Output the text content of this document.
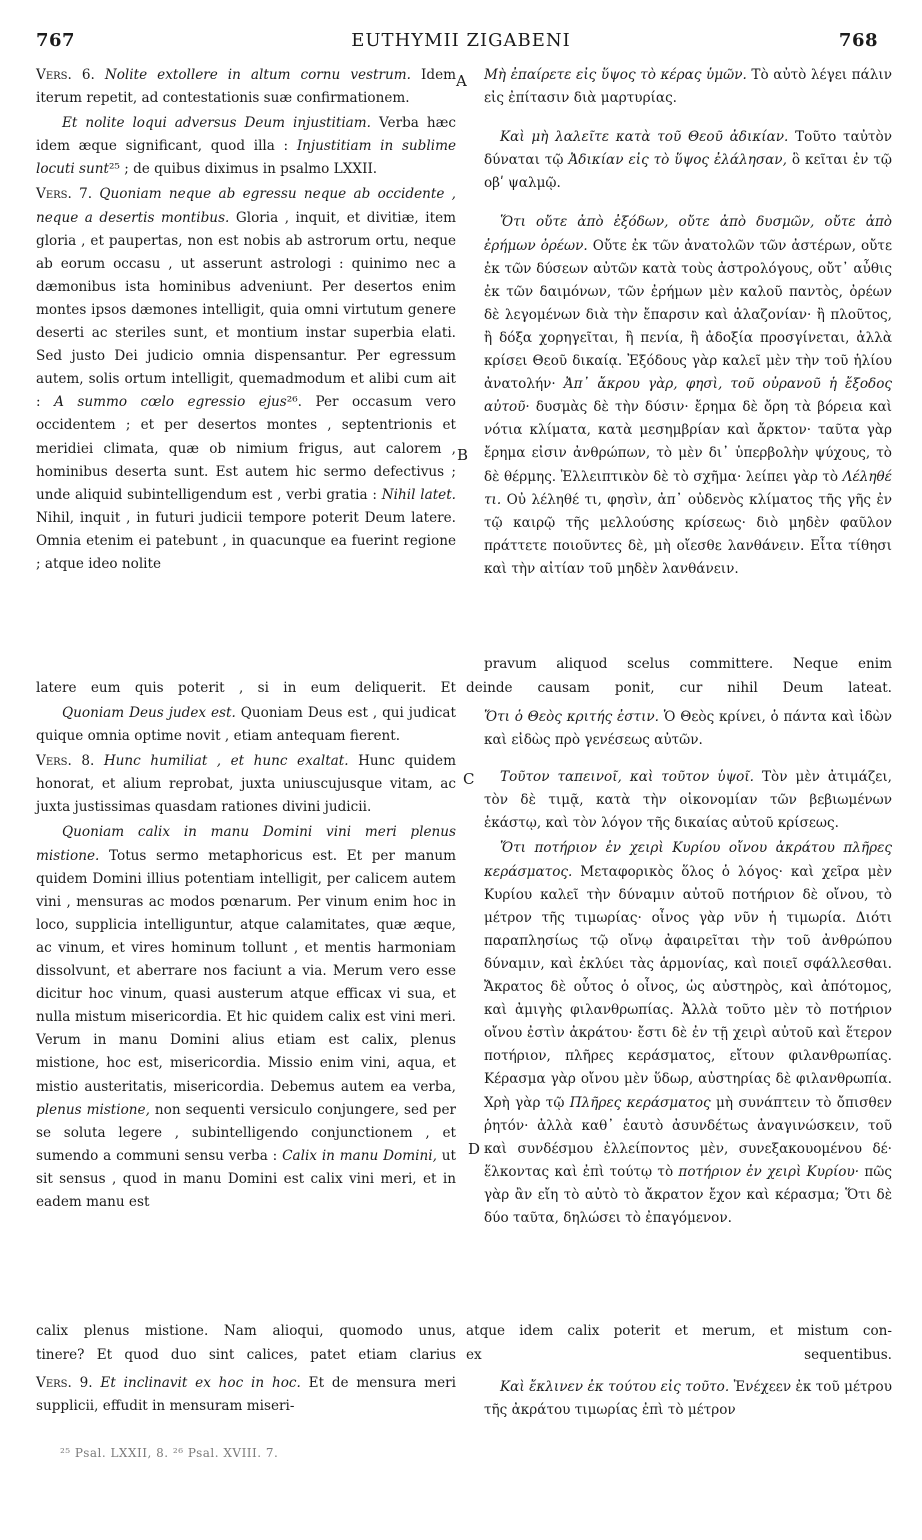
767	EUTHYMII ZIGABENI	768
A
B
C
D

Vers. 6. Nolite extollere in altum cornu vestrum. Idem iterum repetit, ad contestationis suæ confirmationem.

Et nolite loqui adversus Deum injustitiam. Verba hæc idem æque significant, quod illa : Injustitiam in sublime locuti sunt²⁵ ; de quibus diximus in psalmo LXXII.

Vers. 7. Quoniam neque ab egressu neque ab occidente , neque a desertis montibus. Gloria , inquit, et divitiæ, item gloria , et paupertas, non est nobis ab astrorum ortu, neque ab eorum occasu , ut asserunt astrologi : quinimo nec a dæmonibus ista hominibus adveniunt. Per desertos enim montes ipsos dæmones intelligit, quia omni virtutum genere deserti ac steriles sunt, et montium instar superbia elati. Sed justo Dei judicio omnia dispensantur. Per egressum autem, solis ortum intelligit, quemadmodum et alibi cum ait : A summo cœlo egressio ejus²⁶. Per occasum vero occidentem ; et per desertos montes , septentrionis et meridiei climata, quæ ob nimium frigus, aut calorem , hominibus deserta sunt. Est autem hic sermo defectivus ; unde aliquid subintelligendum est , verbi gratia : Nihil latet. Nihil, inquit , in futuri judicii tempore poterit Deum latere. Omnia etenim ei patebunt , in quacunque ea fuerint regione ; atque ideo nolite

Μὴ ἐπαίρετε εἰς ὕψος τὸ κέρας ὑμῶν. Τὸ αὐτὸ λέγει πάλιν εἰς ἐπίτασιν διὰ μαρτυρίας.

Καὶ μὴ λαλεῖτε κατὰ τοῦ Θεοῦ ἀδικίαν. Τοῦτο ταὐτὸν δύναται τῷ Ἀδικίαν εἰς τὸ ὕψος ἐλάλησαν, ὃ κεῖται ἐν τῷ οβʹ ψαλμῷ.

Ὅτι οὔτε ἀπὸ ἐξόδων, οὔτε ἀπὸ δυσμῶν, οὔτε ἀπὸ ἐρήμων ὀρέων. Οὔτε ἐκ τῶν ἀνατολῶν τῶν ἀστέρων, οὔτε ἐκ τῶν δύσεων αὐτῶν κατὰ τοὺς ἀστρολόγους, οὔτ᾽ αὖθις ἐκ τῶν δαιμόνων, τῶν ἐρήμων μὲν καλοῦ παντὸς, ὀρέων δὲ λεγομένων διὰ τὴν ἔπαρσιν καὶ ἀλαζονίαν· ἢ πλοῦτος, ἢ δόξα χορηγεῖται, ἢ πενία, ἢ ἀδοξία προσγίνεται, ἀλλὰ κρίσει Θεοῦ δικαίᾳ. Ἐξόδους γὰρ καλεῖ μὲν τὴν τοῦ ἡλίου ἀνατολήν· Ἀπ᾽ ἄκρου γὰρ, φησὶ, τοῦ οὐρανοῦ ἡ ἔξοδος αὐτοῦ· δυσμὰς δὲ τὴν δύσιν· ἔρημα δὲ ὄρη τὰ βόρεια καὶ νότια κλίματα, κατὰ μεσημβρίαν καὶ ἄρκτον· ταῦτα γὰρ ἔρημα εἰσιν ἀνθρώπων, τὸ μὲν δι᾽ ὑπερβολὴν ψύχους, τὸ δὲ θέρμης. Ἐλλειπτικὸν δὲ τὸ σχῆμα· λείπει γὰρ τὸ Λέληθέ τι. Οὐ λέληθέ τι, φησὶν, ἀπ᾽ οὐδενὸς κλίματος τῆς γῆς ἐν τῷ καιρῷ τῆς μελλούσης κρίσεως· διὸ μηδὲν φαῦλον πράττετε ποιοῦντες δὲ, μὴ οἴεσθε λανθάνειν. Εἶτα τίθησι καὶ τὴν αἰτίαν τοῦ μηδὲν λανθάνειν.

pravum aliquod scelus committere. Neque enim
latere eum quis poterit , si in eum deliquerit. Et deinde causam ponit, cur nihil Deum lateat.

Quoniam Deus judex est. Quoniam Deus est , qui judicat quique omnia optime novit , etiam antequam fierent.

Vers. 8. Hunc humiliat , et hunc exaltat. Hunc quidem honorat, et alium reprobat, juxta uniuscujusque vitam, ac juxta justissimas quasdam rationes divini judicii.

Quoniam calix in manu Domini vini meri plenus mistione. Totus sermo metaphoricus est. Et per manum quidem Domini illius potentiam intelligit, per calicem autem vini , mensuras ac modos pœnarum. Per vinum enim hoc in loco, supplicia intelliguntur, atque calamitates, quæ æque, ac vinum, et vires hominum tollunt , et mentis harmoniam dissolvunt, et aberrare nos faciunt a via. Merum vero esse dicitur hoc vinum, quasi austerum atque efficax vi sua, et nulla mistum misericordia. Et hic quidem calix est vini meri. Verum in manu Domini alius etiam est calix, plenus mistione, hoc est, misericordia. Missio enim vini, aqua, et mistio austeritatis, misericordia. Debemus autem ea verba, plenus mistione, non sequenti versiculo conjungere, sed per se soluta legere , subintelligendo conjunctionem , et sumendo a communi sensu verba : Calix in manu Domini, ut sit sensus , quod in manu Domini est calix vini meri, et in eadem manu est

Ὅτι ὁ Θεὸς κριτής ἐστιν. Ὁ Θεὸς κρίνει, ὁ πάντα καὶ ἰδὼν καὶ εἰδὼς πρὸ γενέσεως αὐτῶν.

Τοῦτον ταπεινοῖ, καὶ τοῦτον ὑψοῖ. Τὸν μὲν ἀτιμάζει, τὸν δὲ τιμᾷ, κατὰ τὴν οἰκονομίαν τῶν βεβιωμένων ἑκάστῳ, καὶ τὸν λόγον τῆς δικαίας αὐτοῦ κρίσεως.

Ὅτι ποτήριον ἐν χειρὶ Κυρίου οἴνου ἀκράτου πλῆρες κεράσματος. Μεταφορικὸς ὅλος ὁ λόγος· καὶ χεῖρα μὲν Κυρίου καλεῖ τὴν δύναμιν αὐτοῦ ποτήριον δὲ οἴνου, τὸ μέτρον τῆς τιμωρίας· οἶνος γὰρ νῦν ἡ τιμωρία. Διότι παραπλησίως τῷ οἴνῳ ἀφαιρεῖται τὴν τοῦ ἀνθρώπου δύναμιν, καὶ ἐκλύει τὰς ἁρμονίας, καὶ ποιεῖ σφάλλεσθαι. Ἄκρατος δὲ οὗτος ὁ οἶνος, ὡς αὐστηρὸς, καὶ ἀπότομος, καὶ ἀμιγὴς φιλανθρωπίας. Ἀλλὰ τοῦτο μὲν τὸ ποτήριον οἴνου ἐστὶν ἀκράτου· ἔστι δὲ ἐν τῇ χειρὶ αὐτοῦ καὶ ἕτερον ποτήριον, πλῆρες κεράσματος, εἴτουν φιλανθρωπίας. Κέρασμα γὰρ οἴνου μὲν ὕδωρ, αὐστηρίας δὲ φιλανθρωπία. Χρὴ γὰρ τῷ Πλῆρες κεράσματος μὴ συνάπτειν τὸ ὄπισθεν ῥητόν· ἀλλὰ καθ᾽ ἑαυτὸ ἀσυνδέτως ἀναγινώσκειν, τοῦ καὶ συνδέσμου ἐλλείποντος μὲν, συνεξακουομένου δέ· ἕλκοντας καὶ ἐπὶ τούτῳ τὸ ποτήριον ἐν χειρὶ Κυρίου· πῶς γὰρ ἂν εἴη τὸ αὐτὸ τὸ ἄκρατον ἔχον καὶ κέρασμα; Ὅτι δὲ δύο ταῦτα, δηλώσει τὸ ἐπαγόμενον.

calix plenus mistione. Nam alioqui, quomodo unus, atque idem calix poterit et merum, et mistum con-
tinere? Et quod duo sint calices, patet etiam clarius ex sequentibus.

Vers. 9. Et inclinavit ex hoc in hoc. Et de mensura meri supplicii, effudit in mensuram miseri-

Καὶ ἔκλινεν ἐκ τούτου εἰς τοῦτο. Ἐνέχεεν ἐκ τοῦ μέτρου τῆς ἀκράτου τιμωρίας ἐπὶ τὸ μέτρον

²⁵ Psal. LXXII, 8. ²⁶ Psal. XVIII. 7.
